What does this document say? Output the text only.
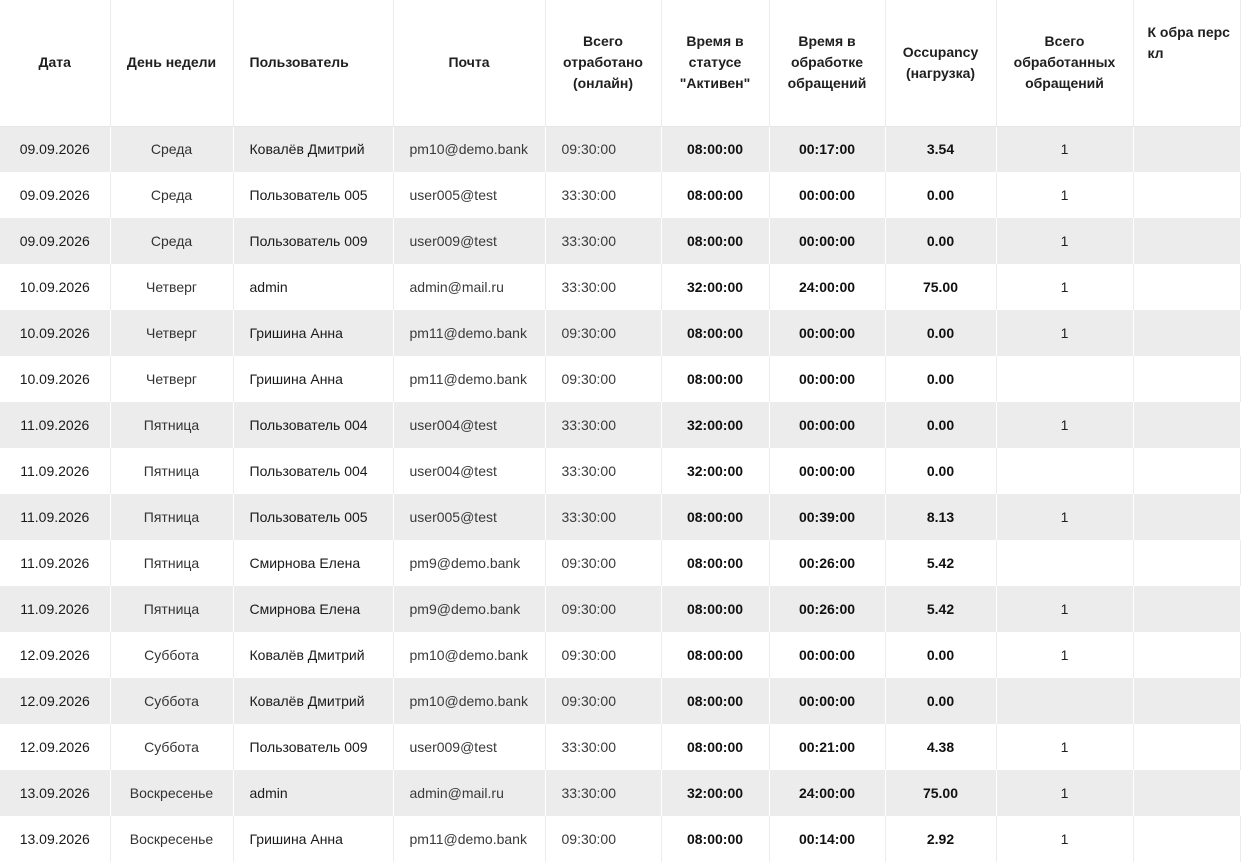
Дата	День недели	Пользователь	Почта	Всего отработано (онлайн)	Время в статусе "Активен"	Время в обработке обращений	Occupancy (нагрузка)	Всего обработанных обращений	К обра перс кл
09.09.2026	Среда	Ковалёв Дмитрий	pm10@demo.bank	09:30:00	08:00:00	00:17:00	3.54	1	
09.09.2026	Среда	Пользователь 005	user005@test	33:30:00	08:00:00	00:00:00	0.00	1	
09.09.2026	Среда	Пользователь 009	user009@test	33:30:00	08:00:00	00:00:00	0.00	1	
10.09.2026	Четверг	admin	admin@mail.ru	33:30:00	32:00:00	24:00:00	75.00	1	
10.09.2026	Четверг	Гришина Анна	pm11@demo.bank	09:30:00	08:00:00	00:00:00	0.00	1	
10.09.2026	Четверг	Гришина Анна	pm11@demo.bank	09:30:00	08:00:00	00:00:00	0.00		
11.09.2026	Пятница	Пользователь 004	user004@test	33:30:00	32:00:00	00:00:00	0.00	1	
11.09.2026	Пятница	Пользователь 004	user004@test	33:30:00	32:00:00	00:00:00	0.00		
11.09.2026	Пятница	Пользователь 005	user005@test	33:30:00	08:00:00	00:39:00	8.13	1	
11.09.2026	Пятница	Смирнова Елена	pm9@demo.bank	09:30:00	08:00:00	00:26:00	5.42		
11.09.2026	Пятница	Смирнова Елена	pm9@demo.bank	09:30:00	08:00:00	00:26:00	5.42	1	
12.09.2026	Суббота	Ковалёв Дмитрий	pm10@demo.bank	09:30:00	08:00:00	00:00:00	0.00	1	
12.09.2026	Суббота	Ковалёв Дмитрий	pm10@demo.bank	09:30:00	08:00:00	00:00:00	0.00		
12.09.2026	Суббота	Пользователь 009	user009@test	33:30:00	08:00:00	00:21:00	4.38	1	
13.09.2026	Воскресенье	admin	admin@mail.ru	33:30:00	32:00:00	24:00:00	75.00	1	
13.09.2026	Воскресенье	Гришина Анна	pm11@demo.bank	09:30:00	08:00:00	00:14:00	2.92	1	
